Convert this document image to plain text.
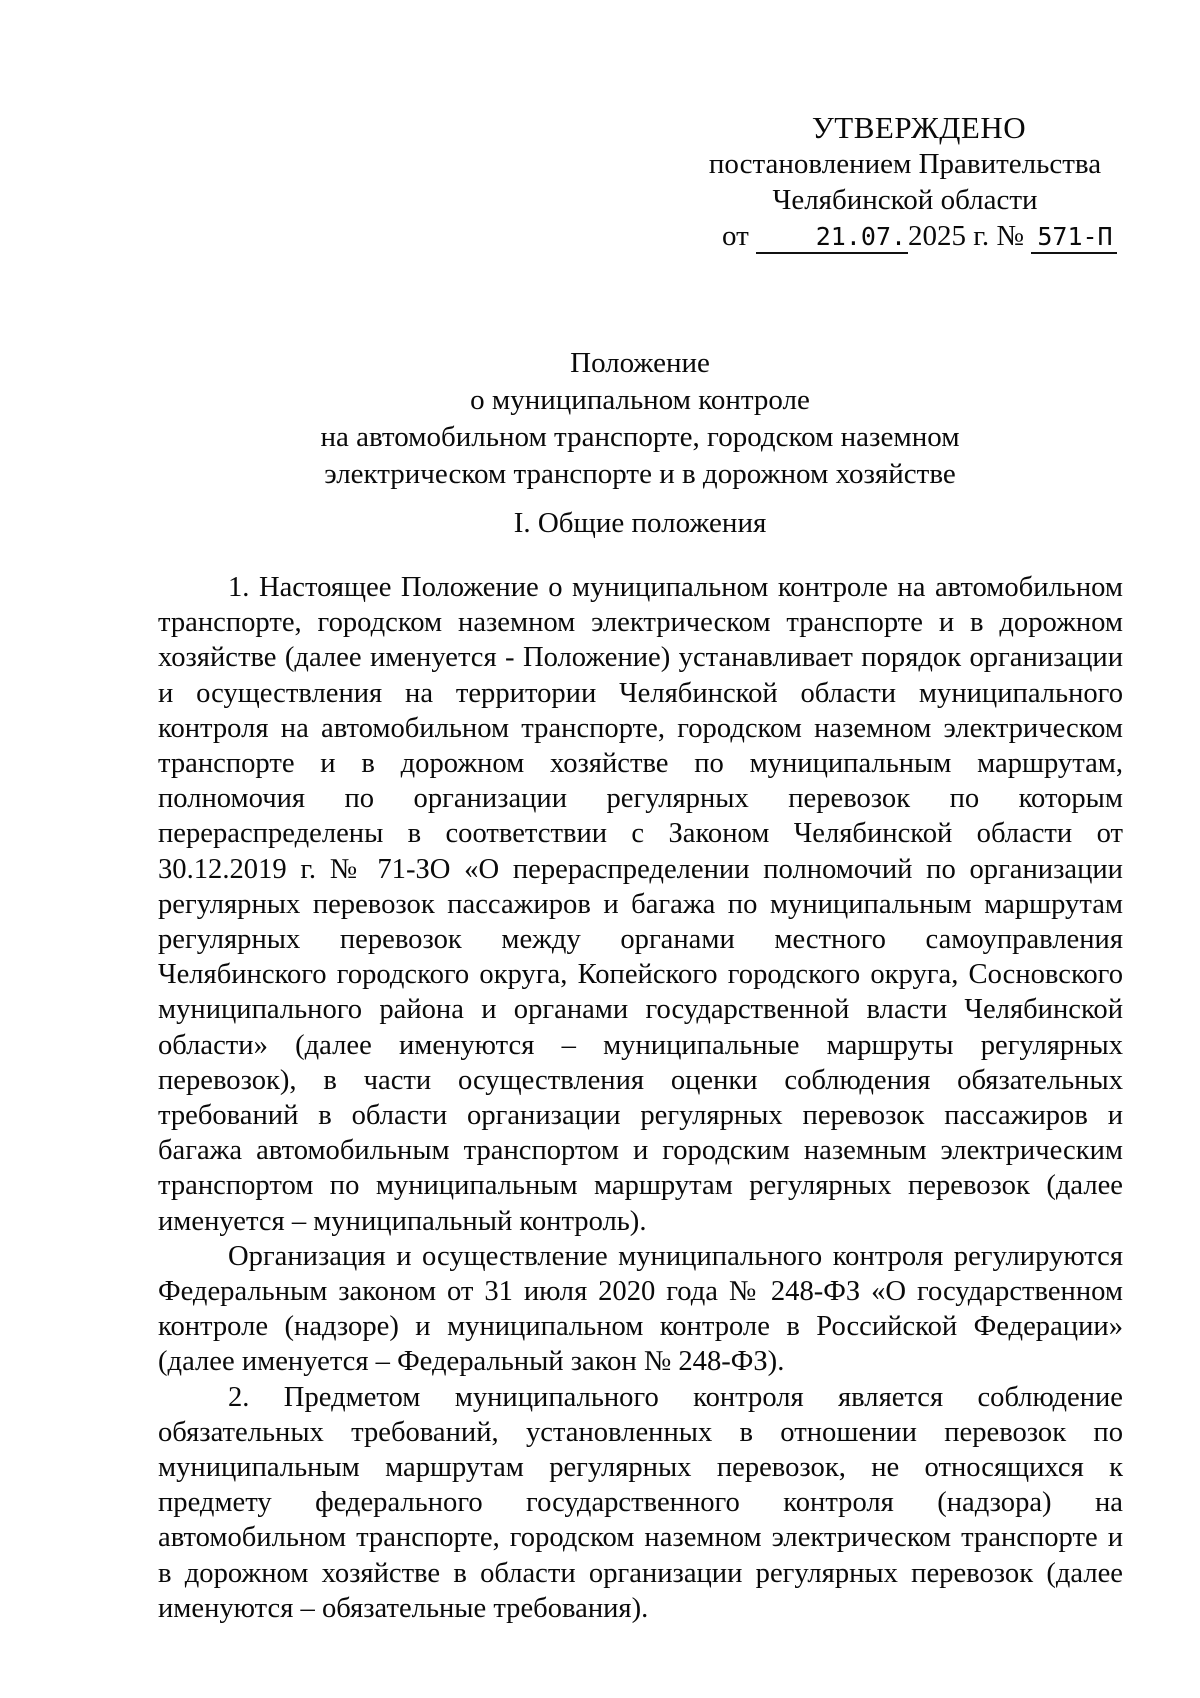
УТВЕРЖДЕНО
постановлением Правительства
Челябинской области
от	21.07.2025 г. № 571-П
Положение
о муниципальном контроле
на автомобильном транспорте, городском наземном
электрическом транспорте и в дорожном хозяйстве
I. Общие положения

1. Настоящее Положение о муниципальном контроле на автомобильном транспорте, городском наземном электрическом транспорте и в дорожном хозяйстве (далее именуется - Положение) устанавливает порядок организации и осуществления на территории Челябинской области муниципального контроля на автомобильном транспорте, городском наземном электрическом транспорте и в дорожном хозяйстве по муниципальным маршрутам, полномочия по организации регулярных перевозок по которым перераспределены в соответствии с Законом Челябинской области от 30.12.2019 г. № 71-ЗО «О перераспределении полномочий по организации регулярных перевозок пассажиров и багажа по муниципальным маршрутам регулярных перевозок между органами местного самоуправления Челябинского городского округа, Копейского городского округа, Сосновского муниципального района и органами государственной власти Челябинской области» (далее именуются – муниципальные маршруты регулярных перевозок), в части осуществления оценки соблюдения обязательных требований в области организации регулярных перевозок пассажиров и багажа автомобильным транспортом и городским наземным электрическим транспортом по муниципальным маршрутам регулярных перевозок (далее именуется – муниципальный контроль).

Организация и осуществление муниципального контроля регулируются Федеральным законом от 31 июля 2020 года № 248-ФЗ «О государственном контроле (надзоре) и муниципальном контроле в Российской Федерации» (далее именуется – Федеральный закон № 248-ФЗ).

2. Предметом муниципального контроля является соблюдение обязательных требований, установленных в отношении перевозок по муниципальным маршрутам регулярных перевозок, не относящихся к предмету федерального государственного контроля (надзора) на автомобильном транспорте, городском наземном электрическом транспорте и в дорожном хозяйстве в области организации регулярных перевозок (далее именуются – обязательные требования).
